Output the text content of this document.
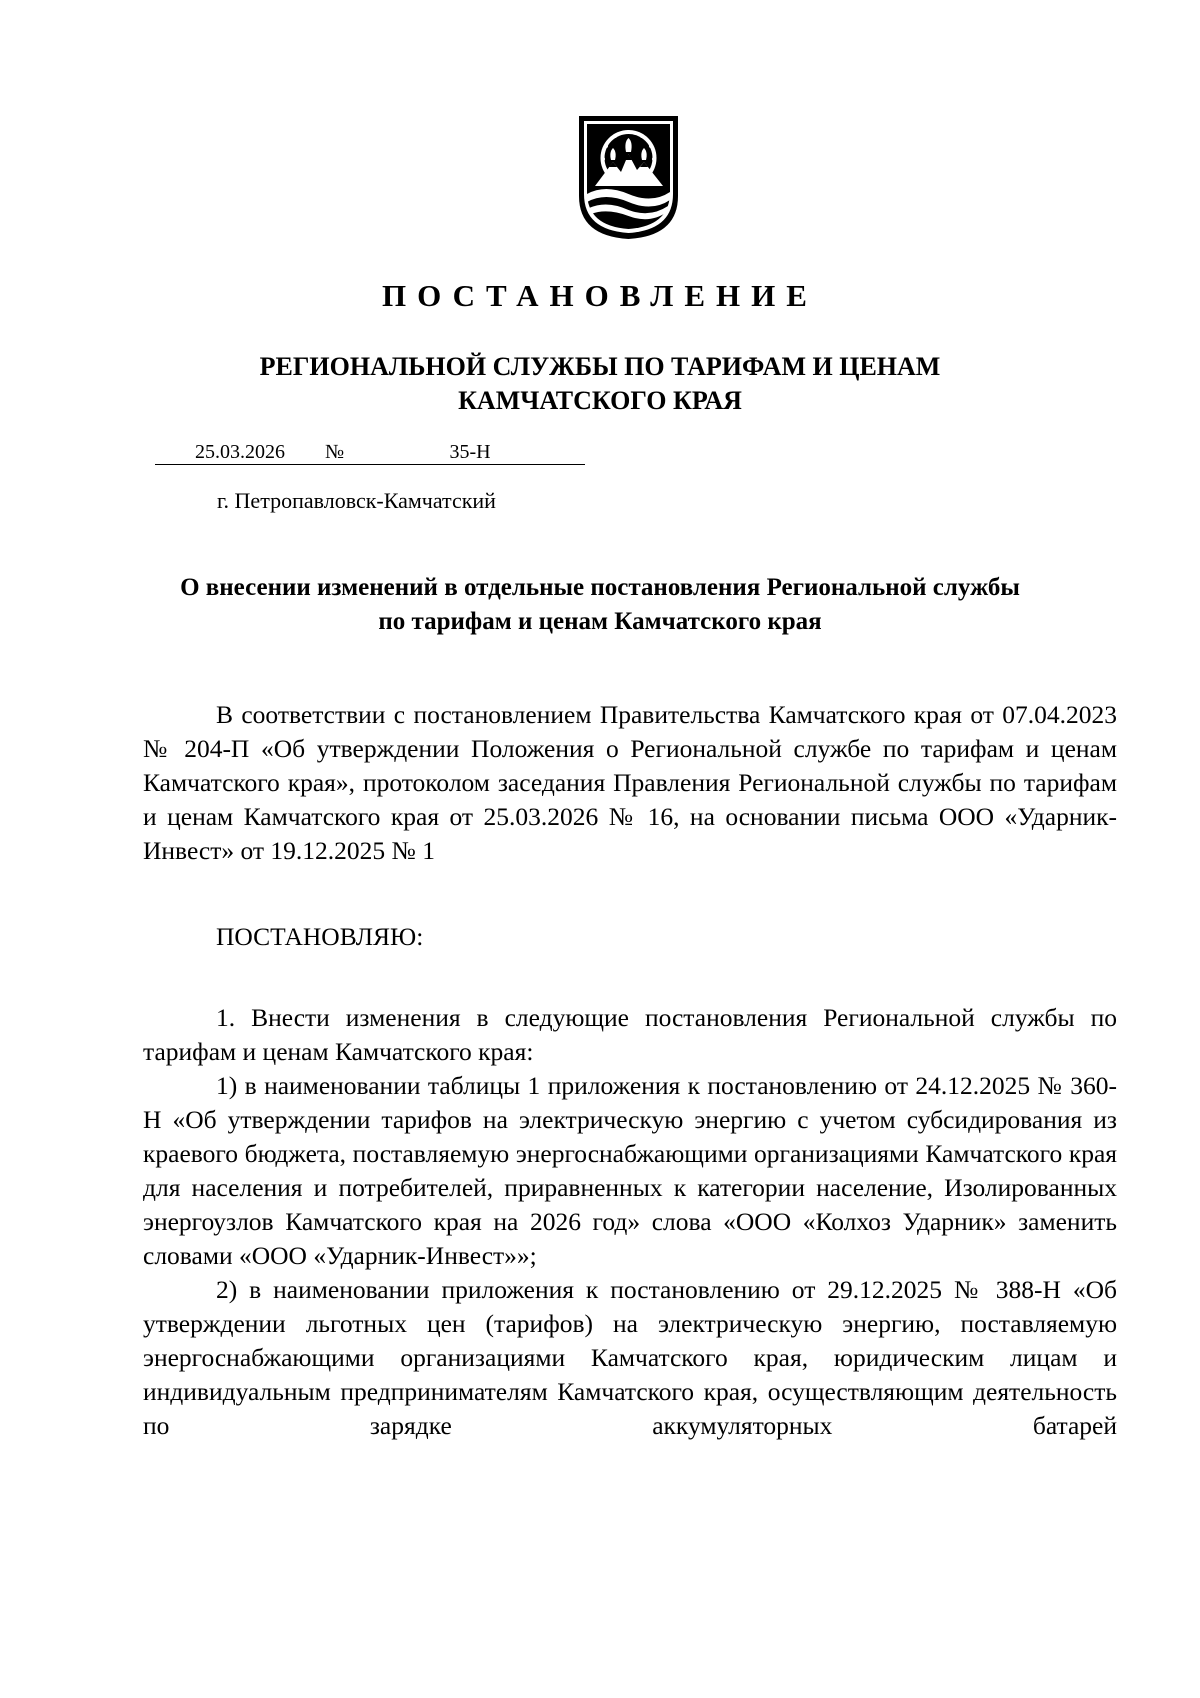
ПОСТАНОВЛЕНИЕ
РЕГИОНАЛЬНОЙ СЛУЖБЫ ПО ТАРИФАМ И ЦЕНАМ
КАМЧАТСКОГО КРАЯ
25.03.2026	№	35-Н
г. Петропавловск-Камчатский
О внесении изменений в отдельные постановления Региональной службы
по тарифам и ценам Камчатского края

В соответствии с постановлением Правительства Камчатского края от 07.04.2023 № 204-П «Об утверждении Положения о Региональной службе по тарифам и ценам Камчатского края», протоколом заседания Правления Региональной службы по тарифам и ценам Камчатского края от 25.03.2026 № 16, на основании письма ООО «Ударник-Инвест» от 19.12.2025 № 1

ПОСТАНОВЛЯЮ:

1. Внести изменения в следующие постановления Региональной службы по тарифам и ценам Камчатского края:

1) в наименовании таблицы 1 приложения к постановлению от 24.12.2025 № 360-Н «Об утверждении тарифов на электрическую энергию с учетом субсидирования из краевого бюджета, поставляемую энергоснабжающими организациями Камчатского края для населения и потребителей, приравненных к категории население, Изолированных энергоузлов Камчатского края на 2026 год» слова «ООО «Колхоз Ударник» заменить словами «ООО «Ударник-Инвест»»;

2) в наименовании приложения к постановлению от 29.12.2025 № 388-Н «Об утверждении льготных цен (тарифов) на электрическую энергию, поставляемую энергоснабжающими организациями Камчатского края, юридическим лицам и индивидуальным предпринимателям Камчатского края, осуществляющим деятельность по зарядке аккумуляторных батарей
